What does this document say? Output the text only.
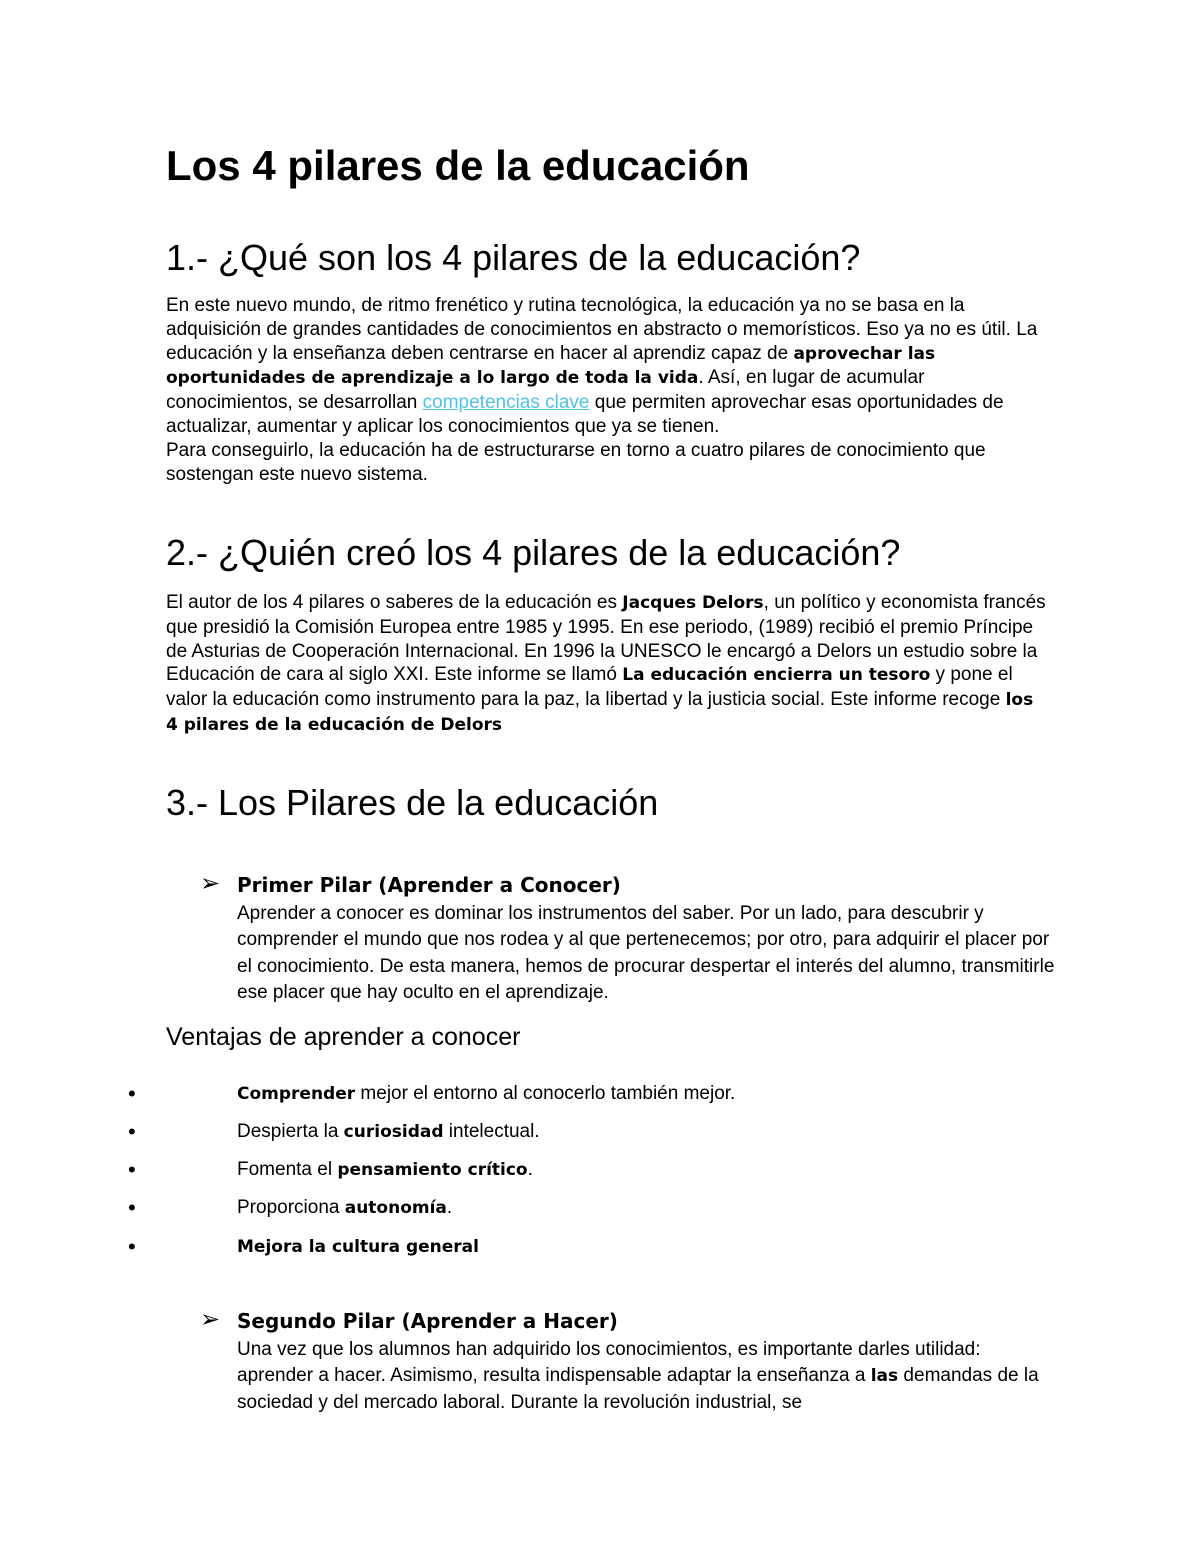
Los 4 pilares de la educación
1.- ¿Qué son los 4 pilares de la educación?
En este nuevo mundo, de ritmo frenético y rutina tecnológica, la educación ya no se basa en la adquisición de grandes cantidades de conocimientos en abstracto o memorísticos. Eso ya no es útil. La educación y la enseñanza deben centrarse en hacer al aprendiz capaz de aprovechar las oportunidades de aprendizaje a lo largo de toda la vida. Así, en lugar de acumular conocimientos, se desarrollan competencias clave que permiten aprovechar esas oportunidades de actualizar, aumentar y aplicar los conocimientos que ya se tienen.
Para conseguirlo, la educación ha de estructurarse en torno a cuatro pilares de conocimiento que sostengan este nuevo sistema.
2.- ¿Quién creó los 4 pilares de la educación?
El autor de los 4 pilares o saberes de la educación es Jacques Delors, un político y economista francés que presidió la Comisión Europea entre 1985 y 1995. En ese periodo, (1989) recibió el premio Príncipe de Asturias de Cooperación Internacional. En 1996 la UNESCO le encargó a Delors un estudio sobre la Educación de cara al siglo XXI. Este informe se llamó La educación encierra un tesoro y pone el valor la educación como instrumento para la paz, la libertad y la justicia social. Este informe recoge los 4 pilares de la educación de Delors
3.- Los Pilares de la educación
➢ Primer Pilar (Aprender a Conocer)
Aprender a conocer es dominar los instrumentos del saber. Por un lado, para descubrir y comprender el mundo que nos rodea y al que pertenecemos; por otro, para adquirir el placer por el conocimiento. De esta manera, hemos de procurar despertar el interés del alumno, transmitirle ese placer que hay oculto en el aprendizaje.
Ventajas de aprender a conocer
•	Comprender mejor el entorno al conocerlo también mejor.
•	Despierta la curiosidad intelectual.
•	Fomenta el pensamiento crítico.
•	Proporciona autonomía.
•	Mejora la cultura general
➢ Segundo Pilar (Aprender a Hacer)
Una vez que los alumnos han adquirido los conocimientos, es importante darles utilidad: aprender a hacer. Asimismo, resulta indispensable adaptar la enseñanza a las demandas de la sociedad y del mercado laboral. Durante la revolución industrial, se
